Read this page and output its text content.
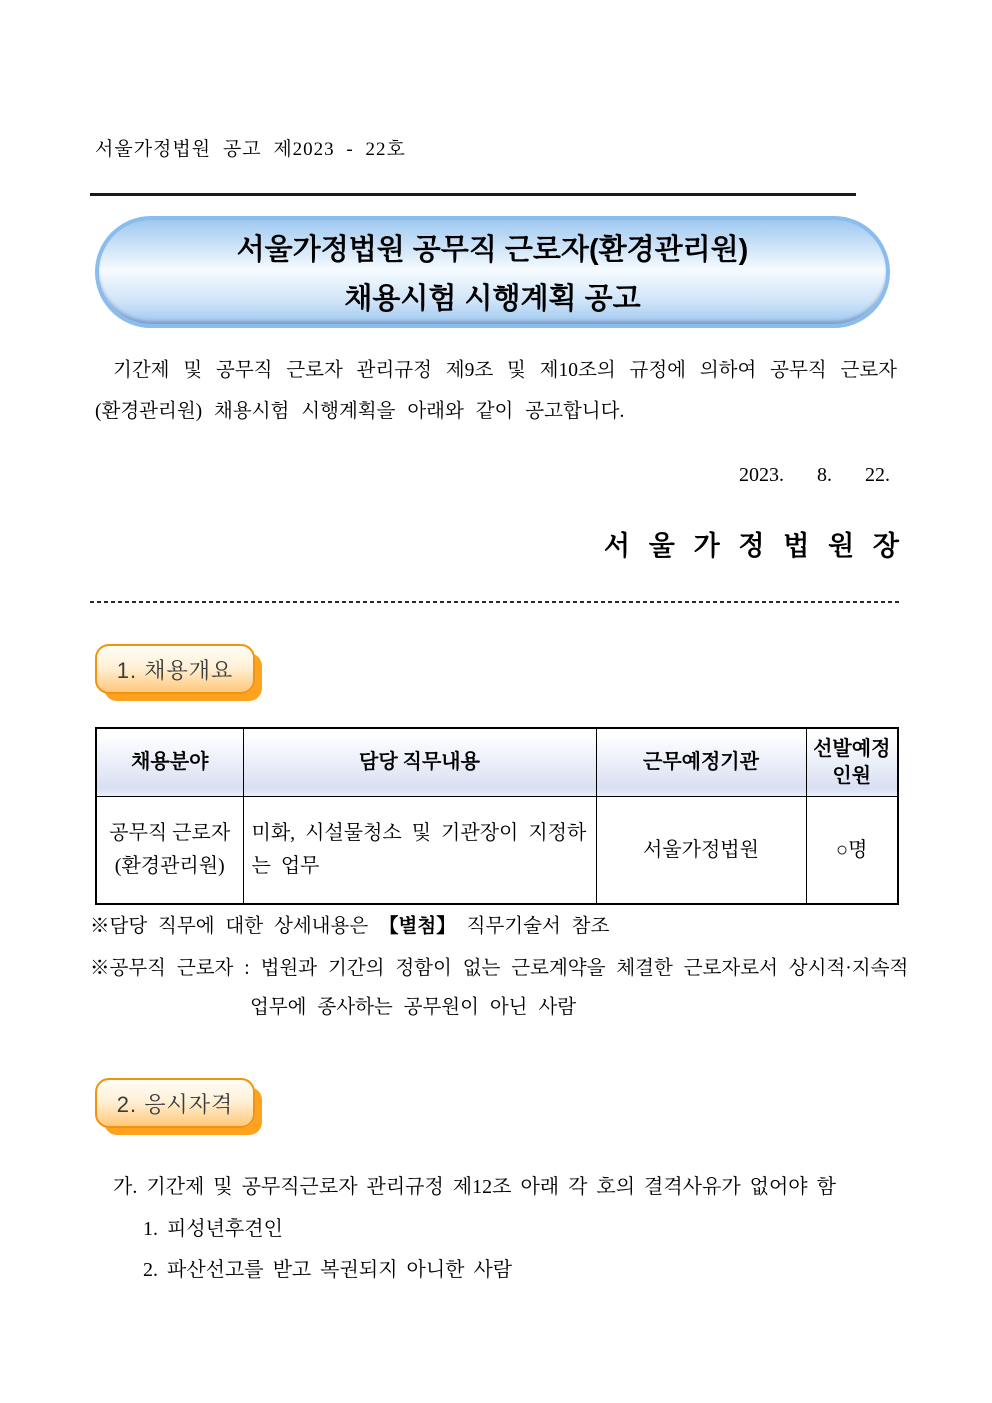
서울가정법원 공고 제2023 - 22호
서울가정법원 공무직 근로자(환경관리원)
채용시험 시행계획 공고
기간제 및 공무직 근로자 관리규정 제9조 및 제10조의 규정에 의하여 공무직 근로자(환경관리원) 채용시험 시행계획을 아래와 같이 공고합니다.
2023. 8. 22.
서 울 가 정 법 원 장
1. 채용개요
채용분야	담당 직무내용	근무예정기관	선발예정인원

공무직 근로자
(환경관리원)	미화, 시설물청소 및 기관장이 지정하는 업무	서울가정법원	○명
※담당 직무에 대한 상세내용은 【별첨】 직무기술서 참조
※공무직 근로자 : 법원과 기간의 정함이 없는 근로계약을 체결한 근로자로서 상시적·지속적
업무에 종사하는 공무원이 아닌 사람
2. 응시자격
가. 기간제 및 공무직근로자 관리규정 제12조 아래 각 호의 결격사유가 없어야 함
1. 피성년후견인
2. 파산선고를 받고 복권되지 아니한 사람
